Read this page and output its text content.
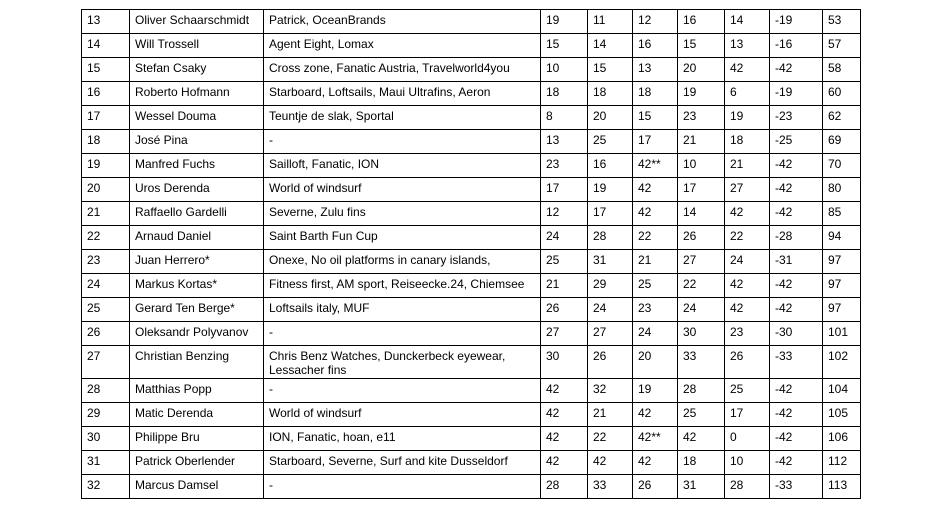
13	Oliver Schaarschmidt	Patrick, OceanBrands	19	11	12	16	14	-19	53
14	Will Trossell	Agent Eight, Lomax	15	14	16	15	13	-16	57
15	Stefan Csaky	Cross zone, Fanatic Austria, Travelworld4you	10	15	13	20	42	-42	58
16	Roberto Hofmann	Starboard, Loftsails, Maui Ultrafins, Aeron	18	18	18	19	6	-19	60
17	Wessel Douma	Teuntje de slak, Sportal	8	20	15	23	19	-23	62
18	José Pina	-	13	25	17	21	18	-25	69
19	Manfred Fuchs	Sailloft, Fanatic, ION	23	16	42**	10	21	-42	70
20	Uros Derenda	World of windsurf	17	19	42	17	27	-42	80
21	Raffaello Gardelli	Severne, Zulu fins	12	17	42	14	42	-42	85
22	Arnaud Daniel	Saint Barth Fun Cup	24	28	22	26	22	-28	94
23	Juan Herrero*	Onexe, No oil platforms in canary islands,	25	31	21	27	24	-31	97
24	Markus Kortas*	Fitness first, AM sport, Reiseecke.24, Chiemsee	21	29	25	22	42	-42	97
25	Gerard Ten Berge*	Loftsails italy, MUF	26	24	23	24	42	-42	97
26	Oleksandr Polyvanov	-	27	27	24	30	23	-30	101
27	Christian Benzing	Chris Benz Watches, Dunckerbeck eyewear, Lessacher fins	30	26	20	33	26	-33	102
28	Matthias Popp	-	42	32	19	28	25	-42	104
29	Matic Derenda	World of windsurf	42	21	42	25	17	-42	105
30	Philippe Bru	ION, Fanatic, hoan, e11	42	22	42**	42	0	-42	106
31	Patrick Oberlender	Starboard, Severne, Surf and kite Dusseldorf	42	42	42	18	10	-42	112
32	Marcus Damsel	-	28	33	26	31	28	-33	113
